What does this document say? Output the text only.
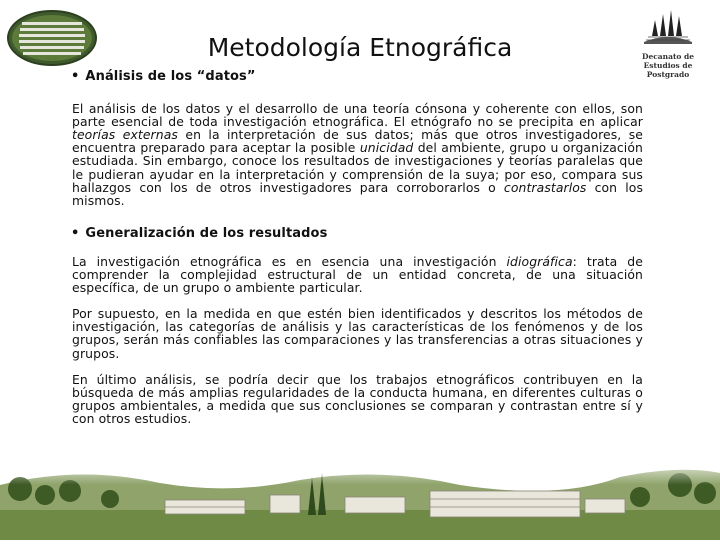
Decanato de
Estudios de Postgrado
Metodología Etnográfica
• Análisis de los “datos”

El análisis de los datos y el desarrollo de una teoría cónsona y coherente con ellos, son parte esencial de toda investigación etnográfica. El etnógrafo no se precipita en aplicar teorías externas en la interpretación de sus datos; más que otros investigadores, se encuentra preparado para aceptar la posible unicidad del ambiente, grupo u organización estudiada. Sin embargo, conoce los resultados de investigaciones y teorías paralelas que le pudieran ayudar en la interpretación y comprensión de la suya; por eso, compara sus hallazgos con los de otros investigadores para corroborarlos o contrastarlos con los mismos.

• Generalización de los resultados

La investigación etnográfica es en esencia una investigación idiográfica: trata de comprender la complejidad estructural de un entidad concreta, de una situación específica, de un grupo o ambiente particular.

Por supuesto, en la medida en que estén bien identificados y descritos los métodos de investigación, las categorías de análisis y las características de los fenómenos y de los grupos, serán más confiables las comparaciones y las transferencias a otras situaciones y grupos.

En último análisis, se podría decir que los trabajos etnográficos contribuyen en la búsqueda de más amplias regularidades de la conducta humana, en diferentes culturas o grupos ambientales, a medida que sus conclusiones se comparan y contrastan entre sí y con otros estudios.
